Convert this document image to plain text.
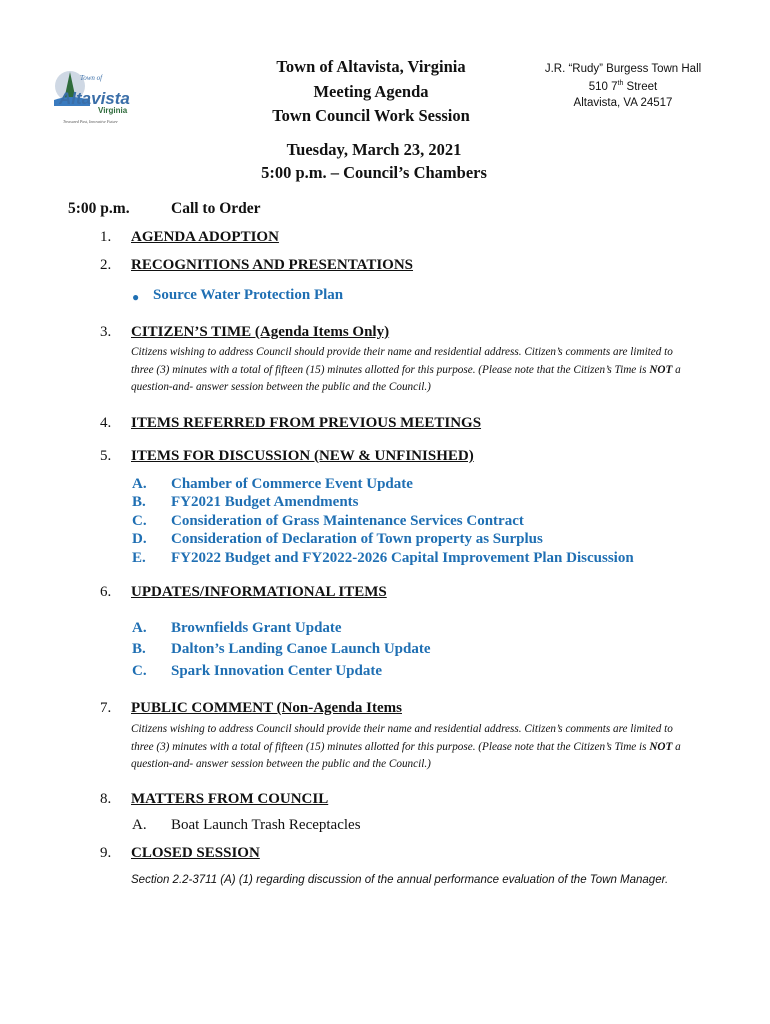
Town of
Altavista
Virginia
Treasured Past, Innovative Future
Town of Altavista, Virginia
Meeting Agenda
Town Council Work Session
J.R. “Rudy” Burgess Town Hall
510 7th Street
Altavista, VA 24517
Tuesday, March 23, 2021
5:00 p.m. – Council’s Chambers
5:00 p.m.	Call to Order
1. AGENDA ADOPTION
2. RECOGNITIONS AND PRESENTATIONS
● Source Water Protection Plan
3. CITIZEN’S TIME (Agenda Items Only)
Citizens wishing to address Council should provide their name and residential address. Citizen’s comments are limited to three (3) minutes with a total of fifteen (15) minutes allotted for this purpose. (Please note that the Citizen’s Time is NOT a question-and- answer session between the public and the Council.)
4. ITEMS REFERRED FROM PREVIOUS MEETINGS
5. ITEMS FOR DISCUSSION (NEW & UNFINISHED)
A. Chamber of Commerce Event Update
B. FY2021 Budget Amendments
C. Consideration of Grass Maintenance Services Contract
D. Consideration of Declaration of Town property as Surplus
E. FY2022 Budget and FY2022-2026 Capital Improvement Plan Discussion
6. UPDATES/INFORMATIONAL ITEMS
A. Brownfields Grant Update
B. Dalton’s Landing Canoe Launch Update
C. Spark Innovation Center Update
7. PUBLIC COMMENT (Non-Agenda Items
Citizens wishing to address Council should provide their name and residential address. Citizen’s comments are limited to three (3) minutes with a total of fifteen (15) minutes allotted for this purpose. (Please note that the Citizen’s Time is NOT a question-and- answer session between the public and the Council.)
8. MATTERS FROM COUNCIL
A. Boat Launch Trash Receptacles
9. CLOSED SESSION
Section 2.2-3711 (A) (1) regarding discussion of the annual performance evaluation of the Town Manager.
